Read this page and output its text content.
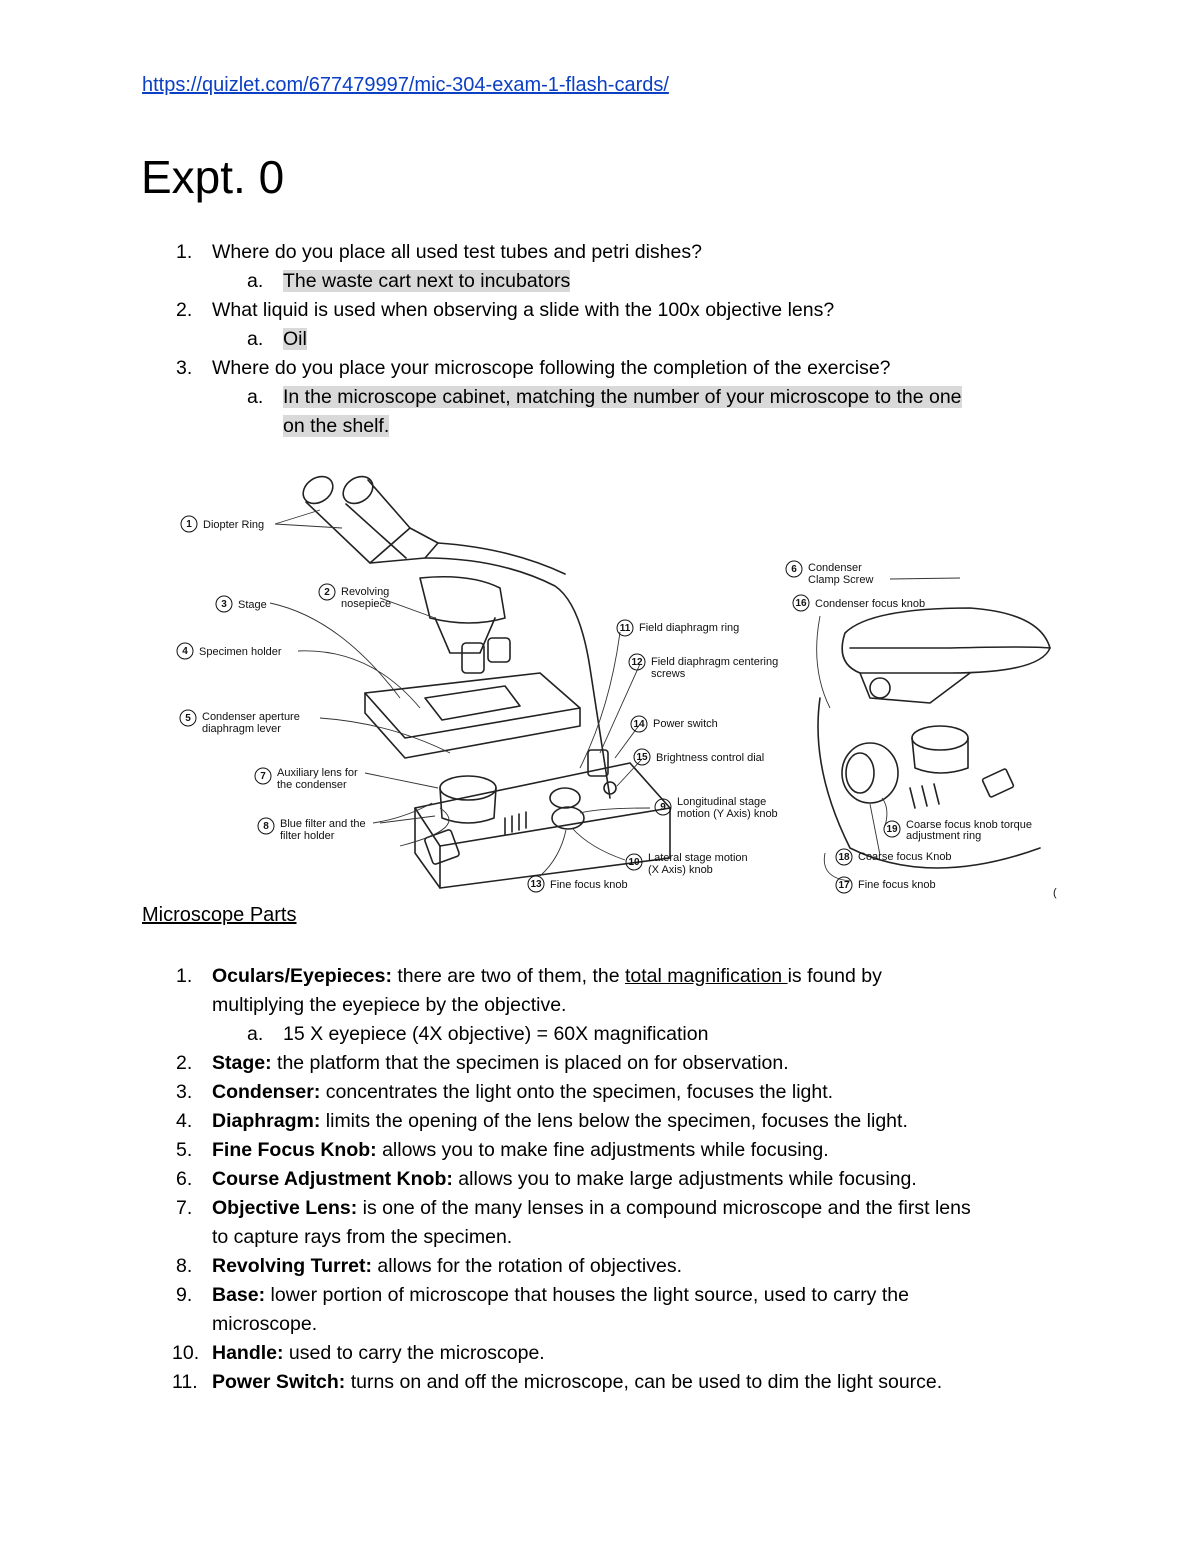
https://quizlet.com/677479997/mic-304-exam-1-flash-cards/
Expt. 0
1. Where do you place all used test tubes and petri dishes?
a. The waste cart next to incubators
2. What liquid is used when observing a slide with the 100x objective lens?
a. Oil
3. Where do you place your microscope following the completion of the exercise?
a. In the microscope cabinet, matching the number of your microscope to the one
on the shelf.
1 Diopter Ring
2 Revolving
nosepiece
3 Stage
4 Specimen holder
5 Condenser aperture
diaphragm lever
6 Condenser
Clamp Screw
7 Auxiliary lens for
the condenser
8 Blue filter and the
filter holder
9 Longitudinal stage
motion (Y Axis) knob
10 Lateral stage motion
(X Axis) knob
11 Field diaphragm ring
12 Field diaphragm centering
screws
13 Fine focus knob
14 Power switch
15 Brightness control dial
16 Condenser focus knob
17 Fine focus knob
18 Coarse focus Knob
19 Coarse focus knob torque
adjustment ring
(
Microscope Parts
1. Oculars/Eyepieces: there are two of them, the total magnification is found by
multiplying the eyepiece by the objective.
a. 15 X eyepiece (4X objective) = 60X magnification
2. Stage: the platform that the specimen is placed on for observation.
3. Condenser: concentrates the light onto the specimen, focuses the light.
4. Diaphragm: limits the opening of the lens below the specimen, focuses the light.
5. Fine Focus Knob: allows you to make fine adjustments while focusing.
6. Course Adjustment Knob: allows you to make large adjustments while focusing.
7. Objective Lens: is one of the many lenses in a compound microscope and the first lens
to capture rays from the specimen.
8. Revolving Turret: allows for the rotation of objectives.
9. Base: lower portion of microscope that houses the light source, used to carry the
microscope.
10. Handle: used to carry the microscope.
11. Power Switch: turns on and off the microscope, can be used to dim the light source.
